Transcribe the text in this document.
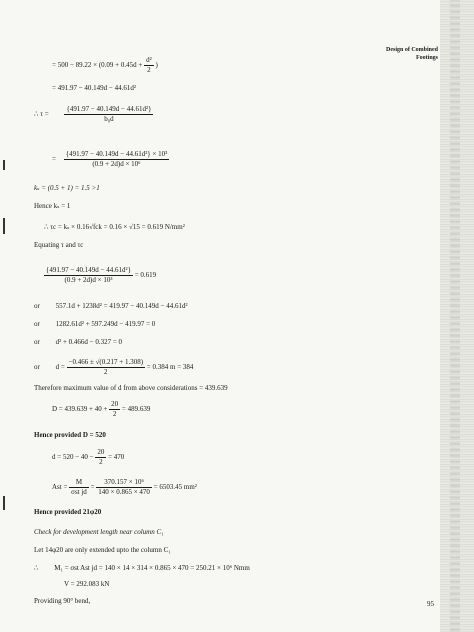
Design of Combined
Footings
= $500 - 89.22 \times (0.09 + 0.45d + \frac{\text{d²}}{2}$ )
= 491.97 − 40.149d − 44.61d²
∴ $\tau = \frac{\text{\{491.97 − 40.149d − 44.61d²\}}}{\text{b₀d}}$
= $\frac{\text{\{491.97 − 40.149d − 44.61d²\} × 10³}}{\text{(0.9 + 2d)d × 10⁶}}$
kₛ = (0.5 + 1) = 1.5 >1
Hence kₛ = 1
∴ τc = kₛ × 0.16√fck = 0.16 × √15 = 0.619 N/mm²
Equating τ and τc
$\frac{\text{\{491.97 − 40.149d − 44.61d²\}}}{\text{(0.9 + 2d)d × 10³}} = 0.619$
or 557.1d + 1238d² = 419.97 − 40.149d − 44.61d²
or 1282.61d² + 597.249d − 419.97 = 0
or d² + 0.466d − 0.327 = 0
or $d = \frac{-0.466 \pm √(0.217 + 1.308)}{2} = 0.384$ m = 384
Therefore maximum value of d from above considerations = 439.639
$D = 439.639 + 40 + \frac{20}{2} = 489.639$
Hence provided D = 520
$d = 520 - 40 - \frac{20}{2} = 470$
Ast = $\frac{M}{\text{σst jd}} = \frac{\text{370.157 × 10⁶}}{140 \times 0.865 \times 470} = 6503.45$ mm²
Hence provided 21φ20
Check for development length near column C₁
Let 14φ20 are only extended upto the column C₁
∴ M₁ = σst Ast jd = 140 × 14 × 314 × 0.865 × 470 = 250.21 × 10⁶ Nmm
V = 292.083 kN
Providing 90° bend,	95
